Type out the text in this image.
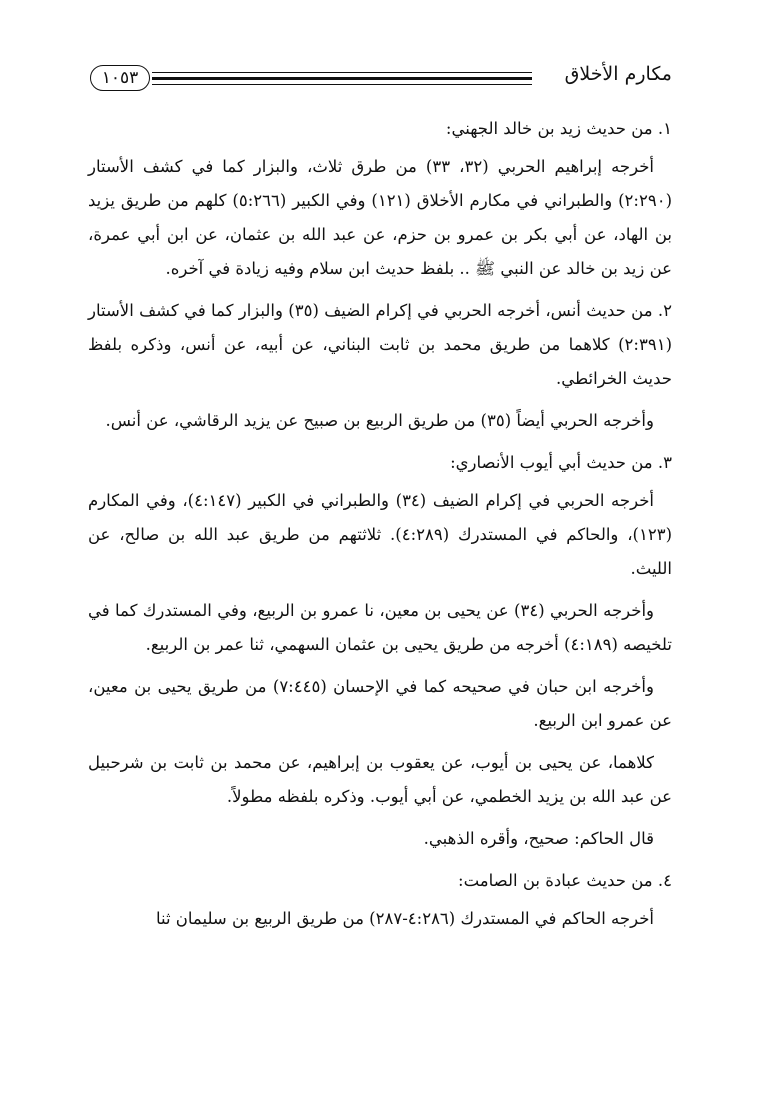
مكارم الأخلاق
١٠٥٣

١. من حديث زيد بن خالد الجهني:

أخرجه إبراهيم الحربي (٣٢، ٣٣) من طرق ثلاث، والبزار كما في كشف الأستار (٢:٢٩٠) والطبراني في مكارم الأخلاق (١٢١) وفي الكبير (٥:٢٦٦) كلهم من طريق يزيد بن الهاد، عن أبي بكر بن عمرو بن حزم، عن عبد الله بن عثمان، عن ابن أبي عمرة، عن زيد بن خالد عن النبي ﷺ .. بلفظ حديث ابن سلام وفيه زيادة في آخره.

٢. من حديث أنس، أخرجه الحربي في إكرام الضيف (٣٥) والبزار كما في كشف الأستار (٢:٣٩١) كلاهما من طريق محمد بن ثابت البناني، عن أبيه، عن أنس، وذكره بلفظ حديث الخرائطي.

وأخرجه الحربي أيضاً (٣٥) من طريق الربيع بن صبيح عن يزيد الرقاشي، عن أنس.

٣. من حديث أبي أيوب الأنصاري:

أخرجه الحربي في إكرام الضيف (٣٤) والطبراني في الكبير (٤:١٤٧)، وفي المكارم (١٢٣)، والحاكم في المستدرك (٤:٢٨٩). ثلاثتهم من طريق عبد الله بن صالح، عن الليث.

وأخرجه الحربي (٣٤) عن يحيى بن معين، نا عمرو بن الربيع، وفي المستدرك كما في تلخيصه (٤:١٨٩) أخرجه من طريق يحيى بن عثمان السهمي، ثنا عمر بن الربيع.

وأخرجه ابن حبان في صحيحه كما في الإحسان (٧:٤٤٥) من طريق يحيى بن معين، عن عمرو ابن الربيع.

كلاهما، عن يحيى بن أيوب، عن يعقوب بن إبراهيم، عن محمد بن ثابت بن شرحبيل عن عبد الله بن يزيد الخطمي، عن أبي أيوب. وذكره بلفظه مطولاً.

قال الحاكم: صحيح، وأقره الذهبي.

٤. من حديث عبادة بن الصامت:

أخرجه الحاكم في المستدرك (٤:٢٨٦-٢٨٧) من طريق الربيع بن سليمان ثنا
